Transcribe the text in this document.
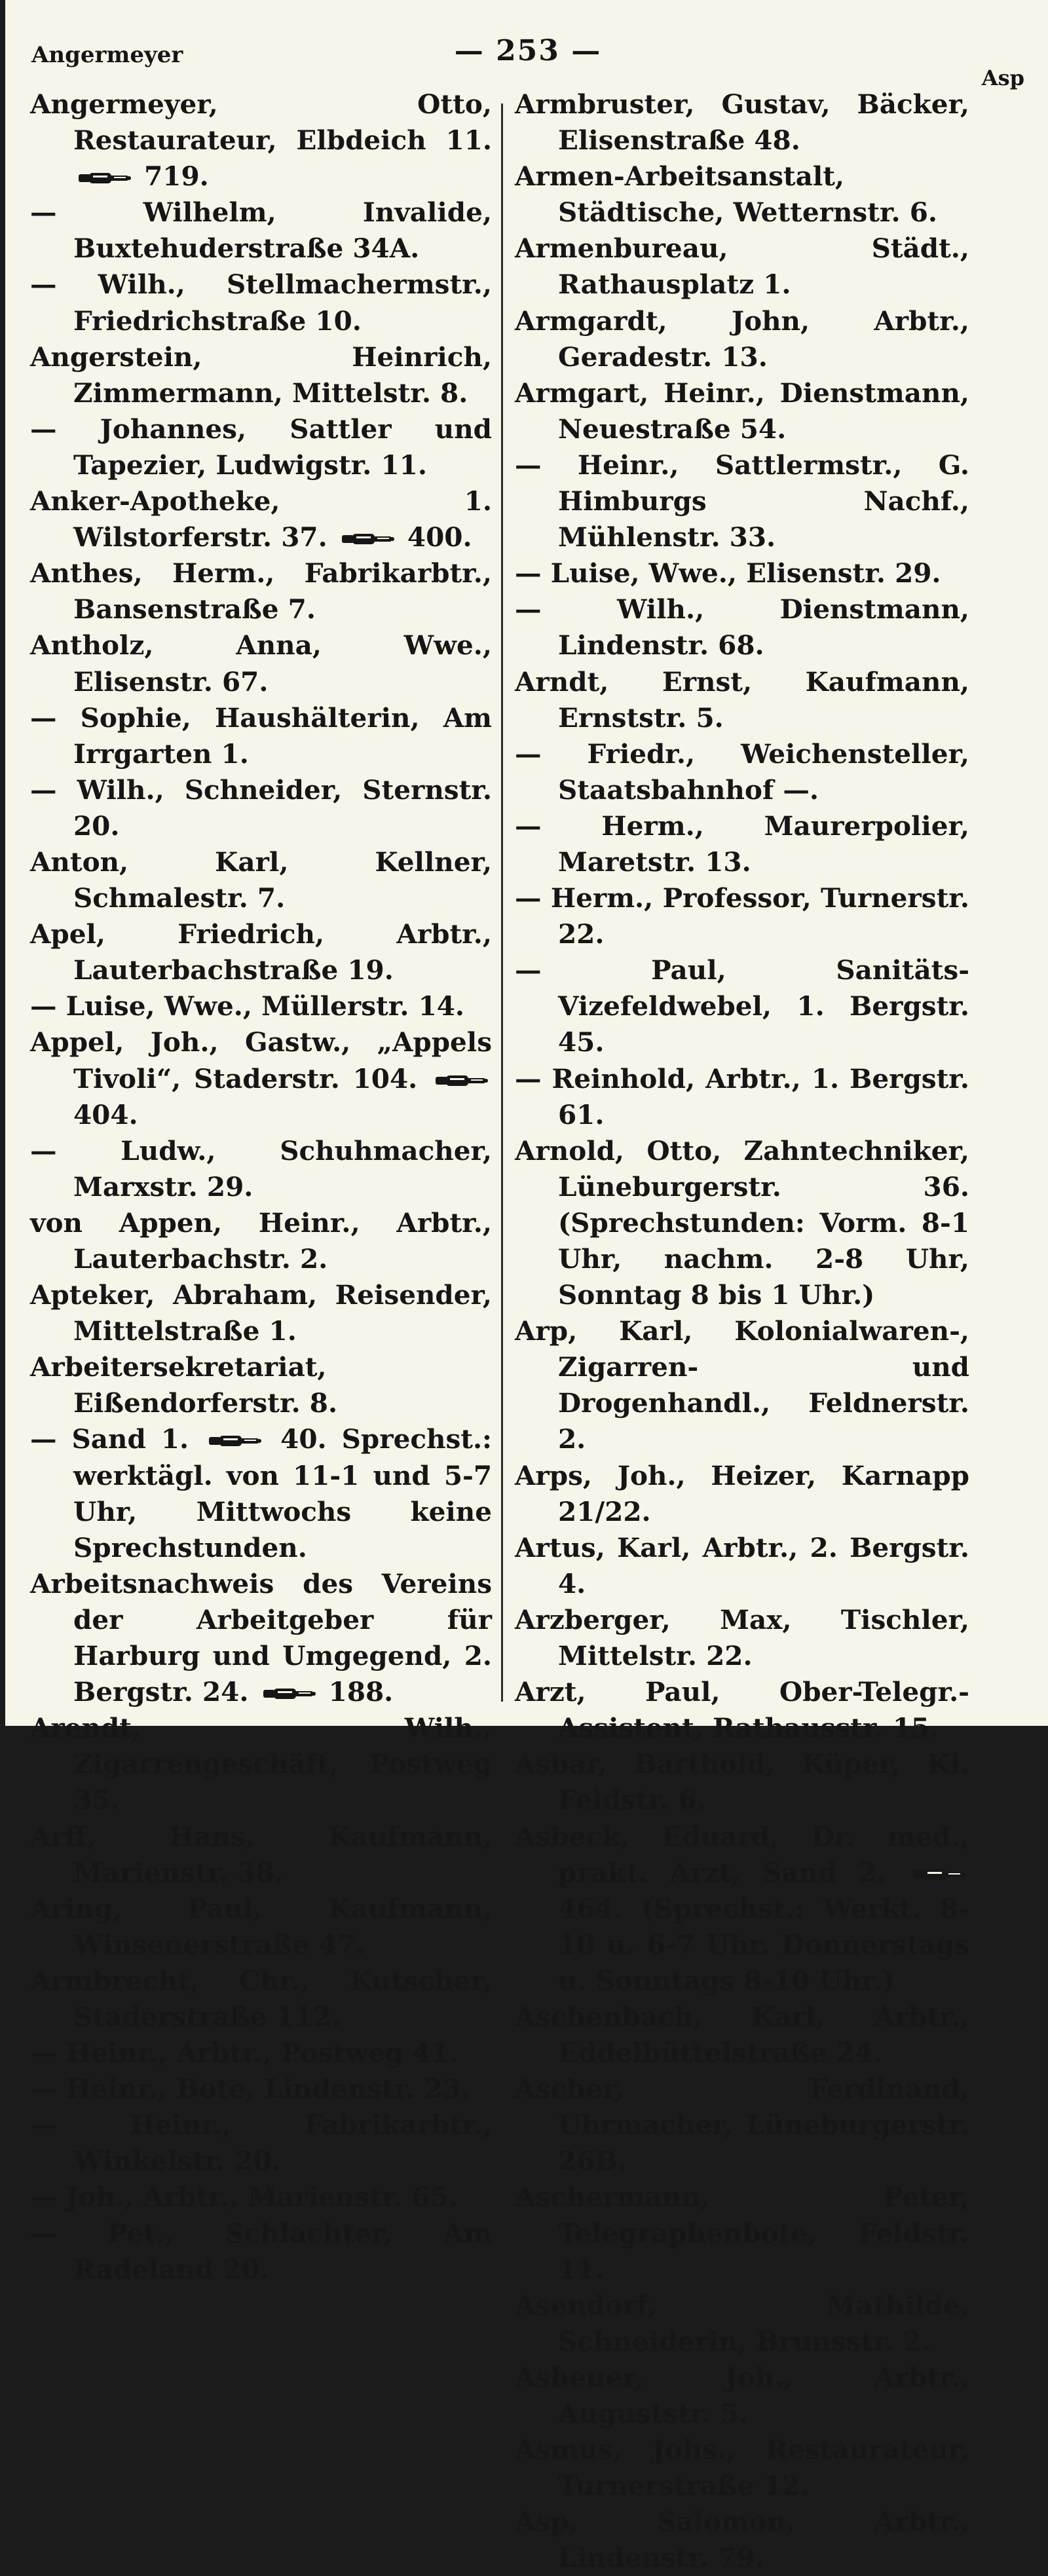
Angermeyer	— 253 —
Asp
Angermeyer, Otto, Restaurateur, Elbdeich 11.  719.
— Wilhelm, Invalide, Buxtehuderstraße 34A.
— Wilh., Stellmachermstr., Friedrichstraße 10.
Angerstein, Heinrich, Zimmermann, Mittelstr. 8.
— Johannes, Sattler und Tapezier, Ludwigstr. 11.
Anker-Apotheke, 1. Wilstorferstr. 37.  400.
Anthes, Herm., Fabrikarbtr., Bansenstraße 7.
Antholz, Anna, Wwe., Elisenstr. 67.
— Sophie, Haushälterin, Am Irrgarten 1.
— Wilh., Schneider, Sternstr. 20.
Anton, Karl, Kellner, Schmalestr. 7.
Apel, Friedrich, Arbtr., Lauterbachstraße 19.
— Luise, Wwe., Müllerstr. 14.
Appel, Joh., Gastw., „Appels Tivoli“, Staderstr. 104.  404.
— Ludw., Schuhmacher, Marxstr. 29.
von Appen, Heinr., Arbtr., Lauterbachstr. 2.
Apteker, Abraham, Reisender, Mittelstraße 1.
Arbeitersekretariat, Eißendorferstr. 8.
— Sand 1.  40. Sprechst.: werktägl. von 11-1 und 5-7 Uhr, Mittwochs keine Sprechstunden.
Arbeitsnachweis des Vereins der Arbeitgeber für Harburg und Umgegend, 2. Bergstr. 24.  188.
Arendt, Wilh., Zigarrengeschäft, Postweg 35.
Arff, Hans, Kaufmann, Marienstr. 38.
Aring, Paul, Kaufmann, Winsenerstraße 47.
Armbrecht, Chr., Kutscher, Staderstraße 112.
— Heinr., Arbtr., Postweg 41.
— Heinr., Bote, Lindenstr. 23.
— Heinr., Fabrikarbtr., Winkelstr. 20.
— Joh., Arbtr., Marienstr. 65.
— Pet., Schlachter, Am Radeland 20.
Armbruster, Gustav, Bäcker, Elisenstraße 48.
Armen-Arbeitsanstalt, Städtische, Wetternstr. 6.
Armenbureau, Städt., Rathausplatz 1.
Armgardt, John, Arbtr., Geradestr. 13.
Armgart, Heinr., Dienstmann, Neuestraße 54.
— Heinr., Sattlermstr., G. Himburgs Nachf., Mühlenstr. 33.
— Luise, Wwe., Elisenstr. 29.
— Wilh., Dienstmann, Lindenstr. 68.
Arndt, Ernst, Kaufmann, Ernststr. 5.
— Friedr., Weichensteller, Staatsbahnhof —.
— Herm., Maurerpolier, Maretstr. 13.
— Herm., Professor, Turnerstr. 22.
— Paul, Sanitäts-Vizefeldwebel, 1. Bergstr. 45.
— Reinhold, Arbtr., 1. Bergstr. 61.
Arnold, Otto, Zahntechniker, Lüneburgerstr. 36. (Sprechstunden: Vorm. 8-1 Uhr, nachm. 2-8 Uhr, Sonntag 8 bis 1 Uhr.)
Arp, Karl, Kolonialwaren-, Zigarren- und Drogenhandl., Feldnerstr. 2.
Arps, Joh., Heizer, Karnapp 21/22.
Artus, Karl, Arbtr., 2. Bergstr. 4.
Arzberger, Max, Tischler, Mittelstr. 22.
Arzt, Paul, Ober-Telegr.-Assistent, Rathausstr. 15.
Asbar, Barthold, Küper, Kl. Feldstr. 6.
Asbeck, Eduard, Dr. med., prakt. Arzt, Sand 2.  464. (Sprechst.: Werkt. 8-10 u. 6-7 Uhr. Donnerstags u. Sonntags 8-10 Uhr.)
Aschenbach, Karl, Arbtr., Eddelbüttelstraße 24.
Ascher, Ferdinand, Uhrmacher, Lüneburgerstr. 26B.
Aschermann, Peter, Telegraphenbote, Feldstr. 11.
Asendorf, Mathilde, Schneiderin, Brunsstr. 2.
Asheuer, Joh., Arbtr., Auguststr. 5.
Asmus, Johs., Restaurateur, Turnerstraße 12.
Asp, Salomon, Arbtr., Lindenstr. 79.
